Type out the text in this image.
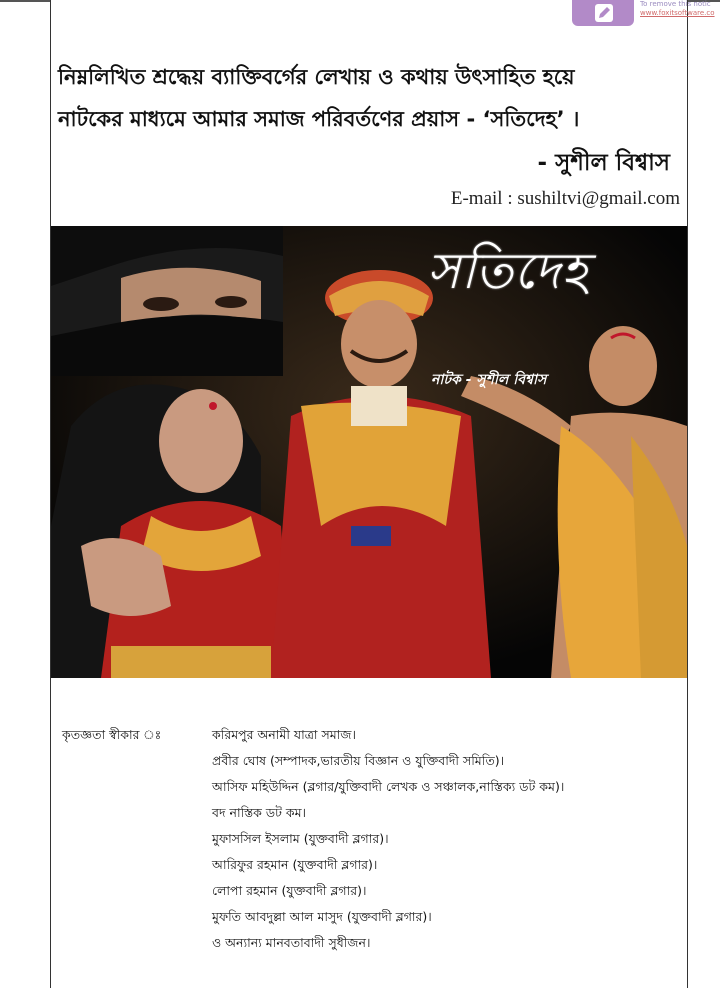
To remove this notic
www.foxitsoftware.co
নিম্নলিখিত শ্রদ্ধেয় ব্যাক্তিবর্গের লেখায় ও কথায় উৎসাহিত হয়ে
নাটকের মাধ্যমে আমার সমাজ পরিবর্তণের প্রয়াস - ‘সতিদেহ’ ।
- সুশীল বিশ্বাস
E-mail : sushiltvi@gmail.com
সতিদেহ
নাটক - সুশীল বিশ্বাস
কৃতজ্ঞতা স্বীকার ঃ	করিমপুর অনামী যাত্রা সমাজ।
প্রবীর ঘোষ (সম্পাদক,ভারতীয় বিজ্ঞান ও যুক্তিবাদী সমিতি)।
আসিফ মহিউদ্দিন (ব্লগার/যুক্তিবাদী লেখক ও সঞ্চালক,নাস্তিক্য ডট কম)।
বদ নাস্তিক ডট কম।
মুফাসসিল ইসলাম (যুক্তবাদী ব্লগার)।
আরিফুর রহমান (যুক্তবাদী ব্লগার)।
লোপা রহমান (যুক্তবাদী ব্লগার)।
মুফতি আবদুল্লা আল মাসুদ (যুক্তবাদী ব্লগার)।
ও অন্যান্য মানবতাবাদী সুধীজন।
